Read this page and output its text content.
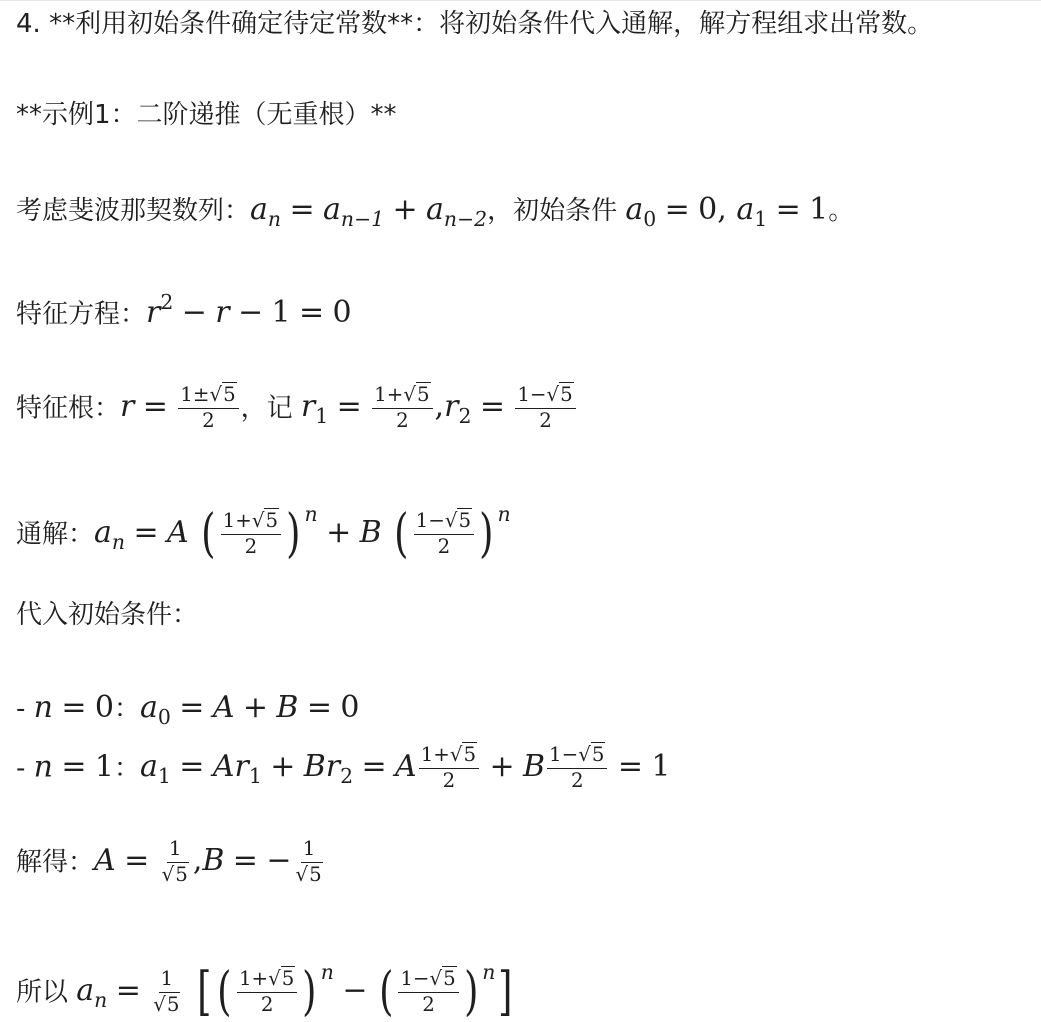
4. **利用初始条件确定待定常数**：将初始条件代入通解，解方程组求出常数。
**示例1：二阶递推（无重根）**
考虑斐波那契数列：$a_n = a_{n-1} + a_{n-2}$，初始条件 $a_0 = 0$, $a_1 = 1$。
特征方程：$r^2 - r - 1 = 0$
特征根：$r = \frac{1\pm√5}{2}$ ，记 $r_1 = \frac{1+√5}{2} ,r_2 = \frac{1-√5}{2}$
通解：$a_n = A$ ( $\frac{1+√5}{2}$ ) $^n$+ B ( $\frac{1-√5}{2}$ ) $^n$
代入初始条件：
- n = 0：$a_0 = A + B = 0$
- n = 1：$a_1 = Ar_1 + Br_2 = A \frac{1+√5}{2} + B \frac{1-√5}{2} = 1$
解得：$A = \frac{1}{√5} ,B$ = − $\frac{1}{√5}$
所以 $a_n = \frac{1}{√5}$ [ ( $\frac{1+√5}{2}$ ) $^n$− ( $\frac{1-√5}{2}$ ) $^n$]
